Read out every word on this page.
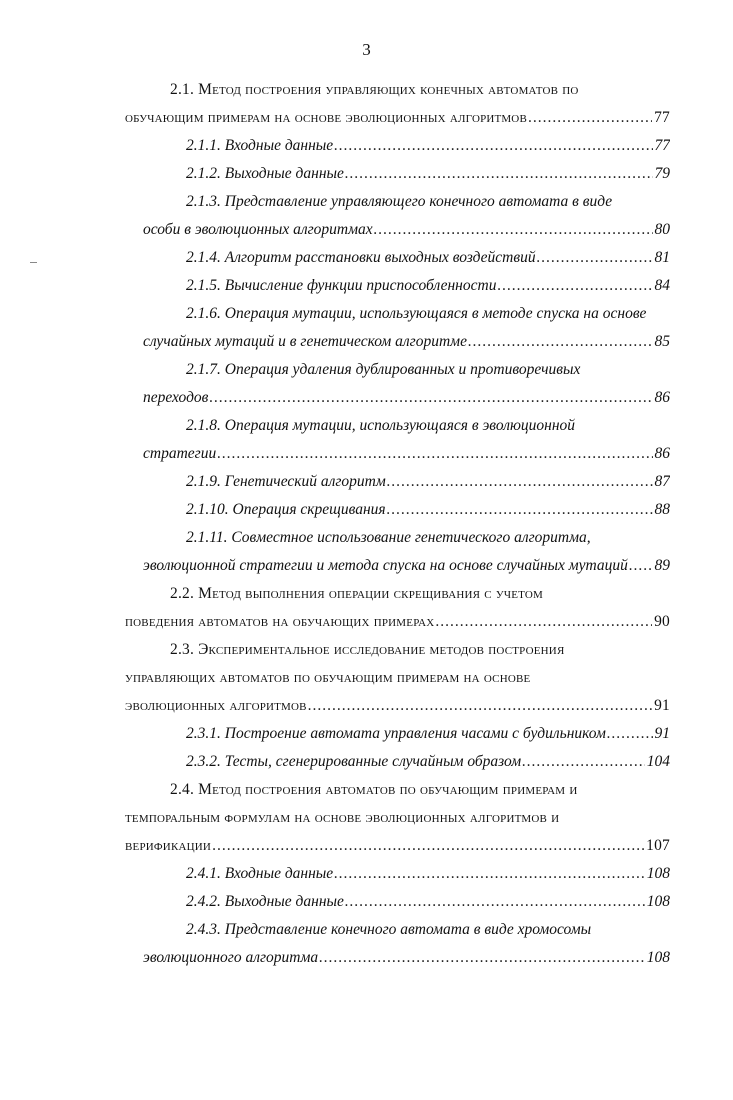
3
2.1. Метод построения управляющих конечных автоматов по
обучающим примерам на основе эволюционных алгоритмов .....	77
2.1.1. Входные данные .....	77
2.1.2. Выходные данные .....	79
2.1.3. Представление управляющего конечного автомата в виде
особи в эволюционных алгоритмах .....	80
2.1.4. Алгоритм расстановки выходных воздействий .....	81
2.1.5. Вычисление функции приспособленности .....	84
2.1.6. Операция мутации, использующаяся в методе спуска на основе
случайных мутаций и в генетическом алгоритме .....	85
2.1.7. Операция удаления дублированных и противоречивых
переходов .....	86
2.1.8. Операция мутации, использующаяся в эволюционной
стратегии .....	86
2.1.9. Генетический алгоритм .....	87
2.1.10. Операция скрещивания .....	88
2.1.11. Совместное использование генетического алгоритма,
эволюционной стратегии и метода спуска на основе случайных мутаций ..... 89
2.2. Метод выполнения операции скрещивания с учетом
поведения автоматов на обучающих примерах .....	90
2.3. Экспериментальное исследование методов построения
управляющих автоматов по обучающим примерам на основе
эволюционных алгоритмов .....	91
2.3.1. Построение автомата управления часами с будильником .....	91
2.3.2. Тесты, сгенерированные случайным образом .....	104
2.4. Метод построения автоматов по обучающим примерам и
темпоральным формулам на основе эволюционных алгоритмов и
верификации .....	107
2.4.1. Входные данные .....	108
2.4.2. Выходные данные .....	108
2.4.3. Представление конечного автомата в виде хромосомы
эволюционного алгоритма .....	108
